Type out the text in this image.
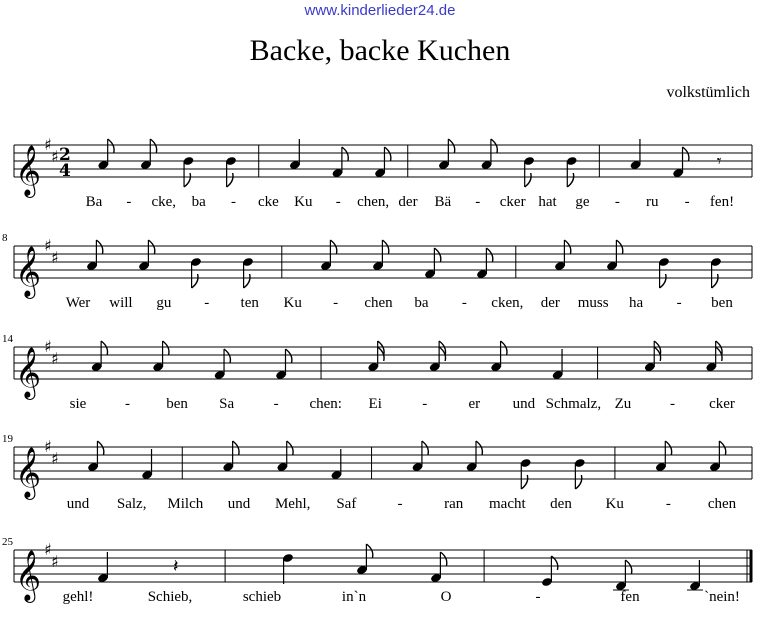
www.kinderlieder24.de
Backe, backe Kuchen
volkstümlich
𝄞
♯
♯ 2
4	𝄾
𝄞
♯
♯
8
𝄞
♯
♯
14
𝄞
♯
♯
19
𝄞
♯
♯
25
𝄽
Ba - cke, ba - cke Ku - chen, der Bä - cker hat ge - ru - fen!
Wer will gu - ten Ku - chen ba - cken, der muss ha - ben
sie	- ben Sa	- chen: Ei	-	er und Schmalz, Zu	- cker
und Salz, Milch und Mehl, Saf	-	ran macht den Ku	- chen
gehl!	Schieb,	schieb	in`n	O	-	fen	`nein!
